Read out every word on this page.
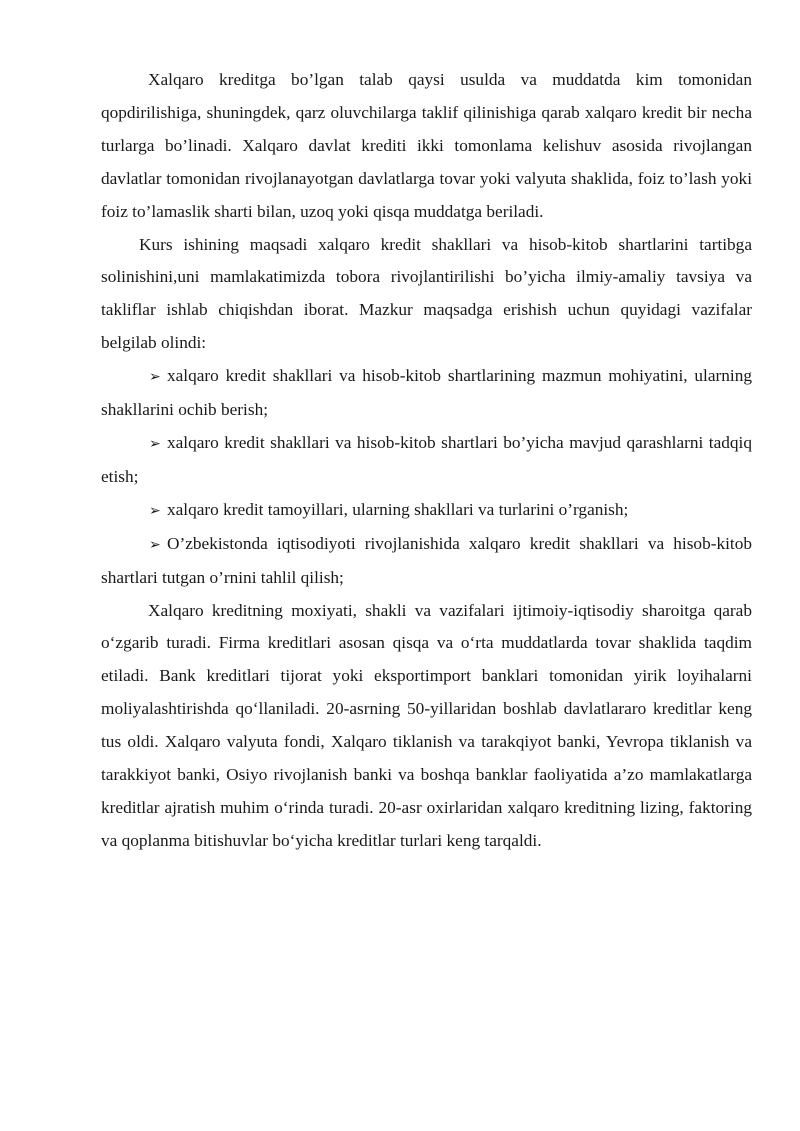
Xalqaro kreditga bo’lgan talab qaysi usulda va muddatda kim tomonidan qopdirilishiga, shuningdek, qarz oluvchilarga taklif qilinishiga qarab xalqaro kredit bir necha turlarga bo’linadi. Xalqaro davlat krediti ikki tomonlama kelishuv asosida rivojlangan davlatlar tomonidan rivojlanayotgan davlatlarga tovar yoki valyuta shaklida, foiz to’lash yoki foiz to’lamaslik sharti bilan, uzoq yoki qisqa muddatga beriladi.

Kurs ishining maqsadi xalqaro kredit shakllari va hisob-kitob shartlarini tartibga solinishini,uni mamlakatimizda tobora rivojlantirilishi bo’yicha ilmiy-amaliy tavsiya va takliflar ishlab chiqishdan iborat. Mazkur maqsadga erishish uchun quyidagi vazifalar belgilab olindi:

➢ xalqaro kredit shakllari va hisob-kitob shartlarining mazmun mohiyatini, ularning shakllarini ochib berish;

➢ xalqaro kredit shakllari va hisob-kitob shartlari bo’yicha mavjud qarashlarni tadqiq etish;

➢ xalqaro kredit tamoyillari, ularning shakllari va turlarini o’rganish;

➢ O’zbekistonda iqtisodiyoti rivojlanishida xalqaro kredit shakllari va hisob-kitob shartlari tutgan o’rnini tahlil qilish;

Xalqaro kreditning moxiyati, shakli va vazifalari ijtimoiy-iqtisodiy sharoitga qarab o‘zgarib turadi. Firma kreditlari asosan qisqa va o‘rta muddatlarda tovar shaklida taqdim etiladi. Bank kreditlari tijorat yoki eksportimport banklari tomonidan yirik loyihalarni moliyalashtirishda qo‘llaniladi. 20-asrning 50-yillaridan boshlab davlatlararo kreditlar keng tus oldi. Xalqaro valyuta fondi, Xalqaro tiklanish va tarakqiyot banki, Yevropa tiklanish va tarakkiyot banki, Osiyo rivojlanish banki va boshqa banklar faoliyatida a’zo mamlakatlarga kreditlar ajratish muhim o‘rinda turadi. 20-asr oxirlaridan xalqaro kreditning lizing, faktoring va qoplanma bitishuvlar bo‘yicha kreditlar turlari keng tarqaldi.
